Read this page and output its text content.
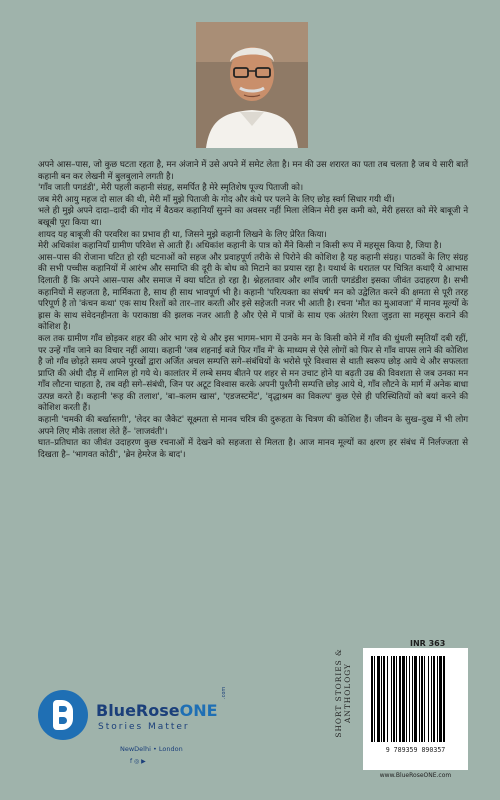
अपने आस–पास, जो कुछ घटता रहता है, मन अंजाने में उसे अपने में समेट लेता है। मन की उस शरारत का पता तब चलता है जब ये सारी बातें कहानी बन कर लेखनी में बुलबुलाने लगती है।

'गाँव जाती पगडंडी', मेरी पहली कहानी संग्रह, समर्पित है मेरे स्मृतिशेष पूज्य पिताजी को।

जब मेरी आयु महज दो साल की थी, मेरी माँ मुझे पिताजी के गोद और कंधे पर पलने के लिए छोड़ स्वर्ग सिधार गयी थीं।

भले ही मुझे अपने दादा–दादी की गोद में बैठकर कहानियाँ सुनने का अवसर नहीं मिला लेकिन मेरी इस कमी को, मेरी हसरत को मेरे बाबूजी ने बखूबी पूरा किया था।

शायद यह बाबूजी की परवरिश का प्रभाव ही था, जिसने मुझे कहानी लिखने के लिए प्रेरित किया।

मेरी अधिकांश कहानियाँ ग्रामीण परिवेश से आती हैं। अधिकांश कहानी के पात्र को मैंने किसी न किसी रूप में महसूस किया है, जिया है।

आस–पास की रोजाना घटित हो रही घटनाओं को सहज और प्रवाहपूर्ण तरीके से पिरोने की कोशिश है यह कहानी संग्रह। पाठकों के लिए संग्रह की सभी पच्चीस कहानियों में आरंभ और समाप्ति की दूरी के बोध को मिटाने का प्रयास रहा है। यथार्थ के धरातल पर चित्रित कथाएँ ये आभास दिलाती हैं कि अपने आस–पास और समाज में क्या घटित हो रहा है। श्नेहलतवार और श्गाँव जाती पगडंडीश इसका जीवंत उदाहरण है। सभी कहानियों में सहजता है, मार्मिकता है, साथ ही साथ भावपूर्ण भी है। कहानी 'परित्यक्ता का संघर्ष' मन को उद्वेलित करने की क्षमता से पूरी तरह परिपूर्ण है तो 'कंचन कथा' एक साथ रिश्तों को तार–तार करती और इसे सहेजती नजर भी आती है। रचना 'मौत का मुआवजा' में मानव मूल्यों के ह्रास के साथ संवेदनहीनता के पराकाष्ठा की झलक नजर आती है और ऐसे में पात्रों के साथ एक अंतरंग रिश्ता जुड़ता सा महसूस कराने की कोशिश है।

कल तक ग्रामीण गाँव छोड़कर शहर की ओर भाग रहे थे और इस भागम–भाग में उनके मन के किसी कोने में गाँव की धुंधली स्मृतियाँ दबी रहीं, पर उन्हें गाँव जाने का विचार नहीं आया। कहानी 'जब शहनाई बजे फिर गाँव में' के माध्यम से ऐसे लोगों को फिर से गाँव वापस लाने की कोशिश है जो गाँव छोड़ते समय अपने पुरखों द्वारा अर्जित अचल सम्पत्ति सगे–संबंधियों के भरोसे पूरे विश्वास से थाती स्वरूप छोड़ आये थे और सफलता प्राप्ति की अंधी दौड़ में शामिल हो गये थे। कालांतर में लम्बे समय बीतने पर शहर से मन उचाट होने या बढ़ती उम्र की विवशता से जब उनका मन गाँव लौटना चाहता है, तब वही सगे–संबंधी, जिन पर अटूट विश्वास करके अपनी पुश्तैनी सम्पत्ति छोड़ आये थे, गाँव लौटने के मार्ग में अनेक बाधा उत्पन्न करते हैं। कहानी 'रूह की तलाश', 'बा–कलम खास', 'एडजस्टमेंट', 'वृद्धाश्रम का विकल्प' कुछ ऐसे ही परिस्थितियों को बयां करने की कोशिश करती हैं।

कहानी 'चमकी की बर्खास्तगी', 'लेदर का जैकेट' सूक्ष्मता से मानव चरित्र की दुरूहता के चित्रण की कोशिश हैं। जीवन के सुख–दुख में भी लोग अपने लिए मौके तलाश लेते हैं– 'लाजवंती'।

घात–प्रतिघात का जीवंत उदाहरण कुछ रचनाओं में देखने को सहजता से मिलता है। आज मानव मूल्यों का क्षरण हर संबंध में निर्लज्जता से दिखता है– 'भागवत कोठी', 'ब्रेन हेमरेज के बाद'।

BlueRoseONE
.com
Stories Matter
NewDelhi • London
f ◎ ▶
SHORT STORIES & ANTHOLOGY
INR 363
9 789359 890357
www.BlueRoseONE.com
